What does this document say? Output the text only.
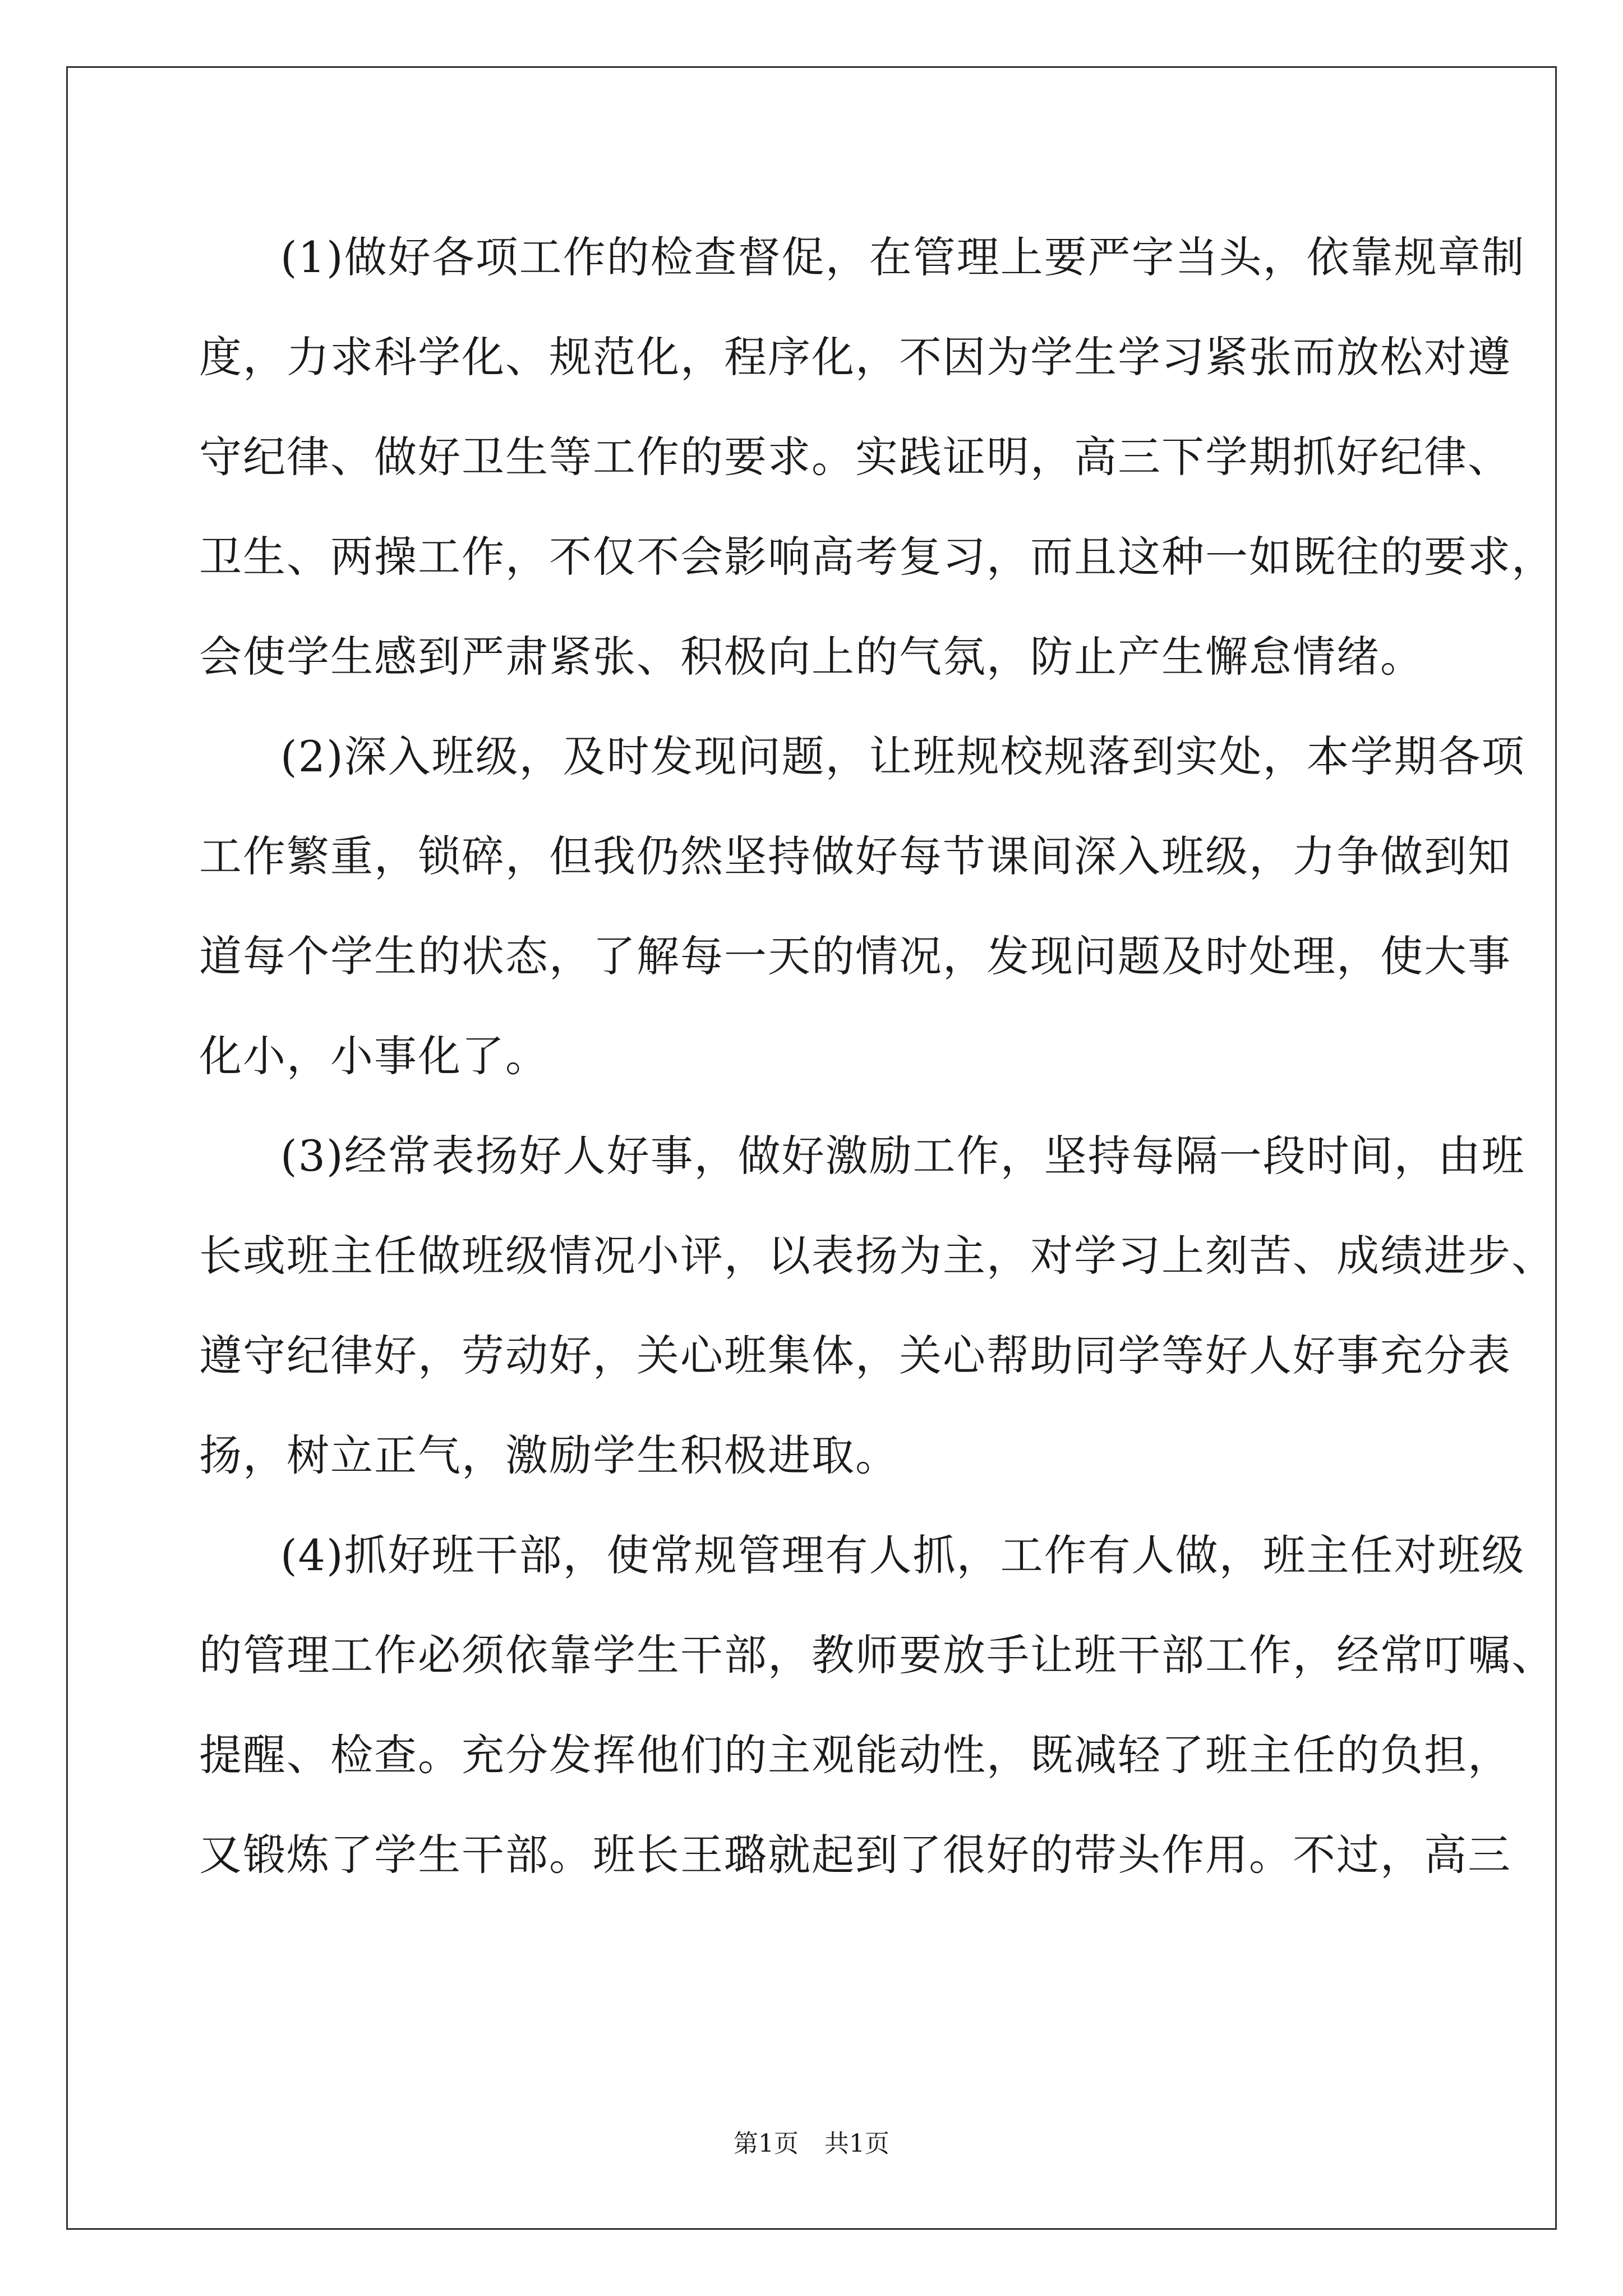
(1)做好各项工作的检查督促，在管理上要严字当头，依靠规章制
度，力求科学化、规范化，程序化，不因为学生学习紧张而放松对遵
守纪律、做好卫生等工作的要求。实践证明，高三下学期抓好纪律、
卫生、两操工作，不仅不会影响高考复习，而且这种一如既往的要求，
会使学生感到严肃紧张、积极向上的气氛，防止产生懈怠情绪。

(2)深入班级，及时发现问题，让班规校规落到实处，本学期各项
工作繁重，锁碎，但我仍然坚持做好每节课间深入班级，力争做到知
道每个学生的状态，了解每一天的情况，发现问题及时处理，使大事
化小，小事化了。

(3)经常表扬好人好事，做好激励工作，坚持每隔一段时间，由班
长或班主任做班级情况小评，以表扬为主，对学习上刻苦、成绩进步、
遵守纪律好，劳动好，关心班集体，关心帮助同学等好人好事充分表
扬，树立正气，激励学生积极进取。

(4)抓好班干部，使常规管理有人抓，工作有人做，班主任对班级
的管理工作必须依靠学生干部，教师要放手让班干部工作，经常叮嘱、
提醒、检查。充分发挥他们的主观能动性，既减轻了班主任的负担，
又锻炼了学生干部。班长王璐就起到了很好的带头作用。不过，高三

第1页 共1页
